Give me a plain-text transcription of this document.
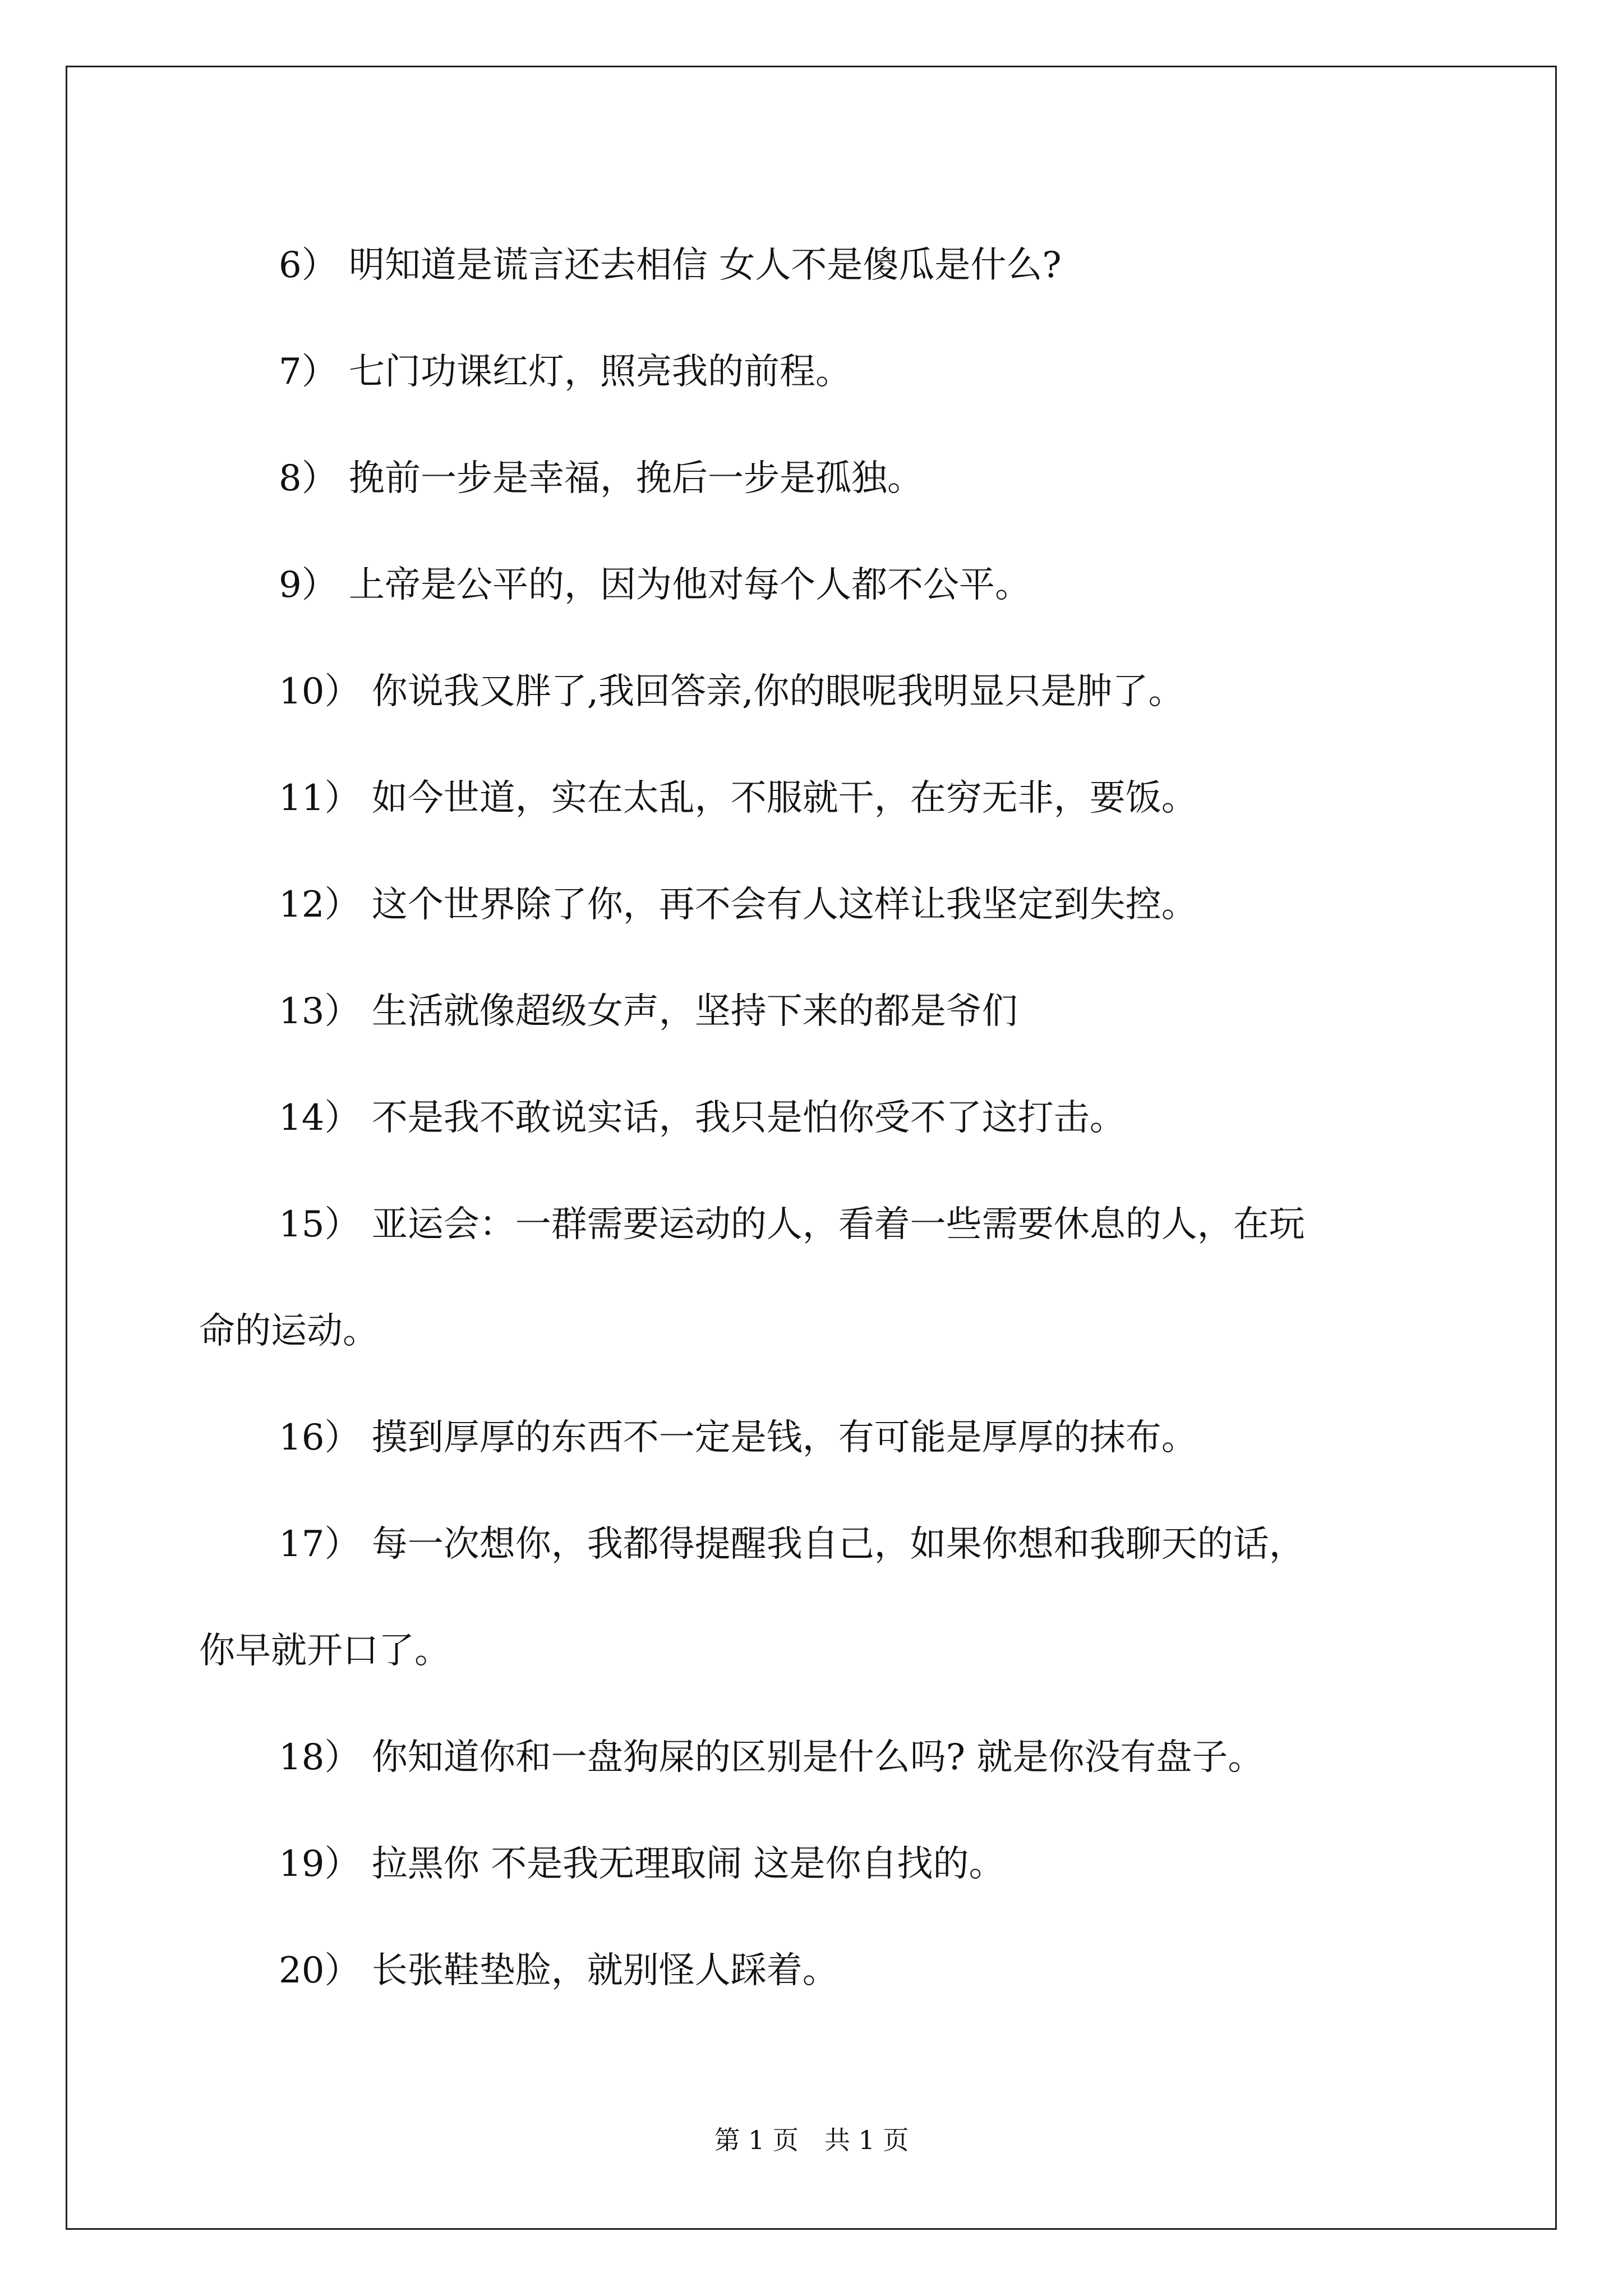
6） 明知道是谎言还去相信 女人不是傻瓜是什么?

7） 七门功课红灯，照亮我的前程。

8） 挽前一步是幸福，挽后一步是孤独。

9） 上帝是公平的，因为他对每个人都不公平。

10） 你说我又胖了,我回答亲,你的眼呢我明显只是肿了。

11） 如今世道，实在太乱，不服就干，在穷无非，要饭。

12） 这个世界除了你，再不会有人这样让我坚定到失控。

13） 生活就像超级女声，坚持下来的都是爷们

14） 不是我不敢说实话，我只是怕你受不了这打击。

15） 亚运会：一群需要运动的人，看着一些需要休息的人，在玩

命的运动。

16） 摸到厚厚的东西不一定是钱，有可能是厚厚的抹布。

17） 每一次想你，我都得提醒我自己，如果你想和我聊天的话，

你早就开口了。

18） 你知道你和一盘狗屎的区别是什么吗? 就是你没有盘子。

19） 拉黑你 不是我无理取闹 这是你自找的。

20） 长张鞋垫脸，就别怪人踩着。

第 1 页　共 1 页
